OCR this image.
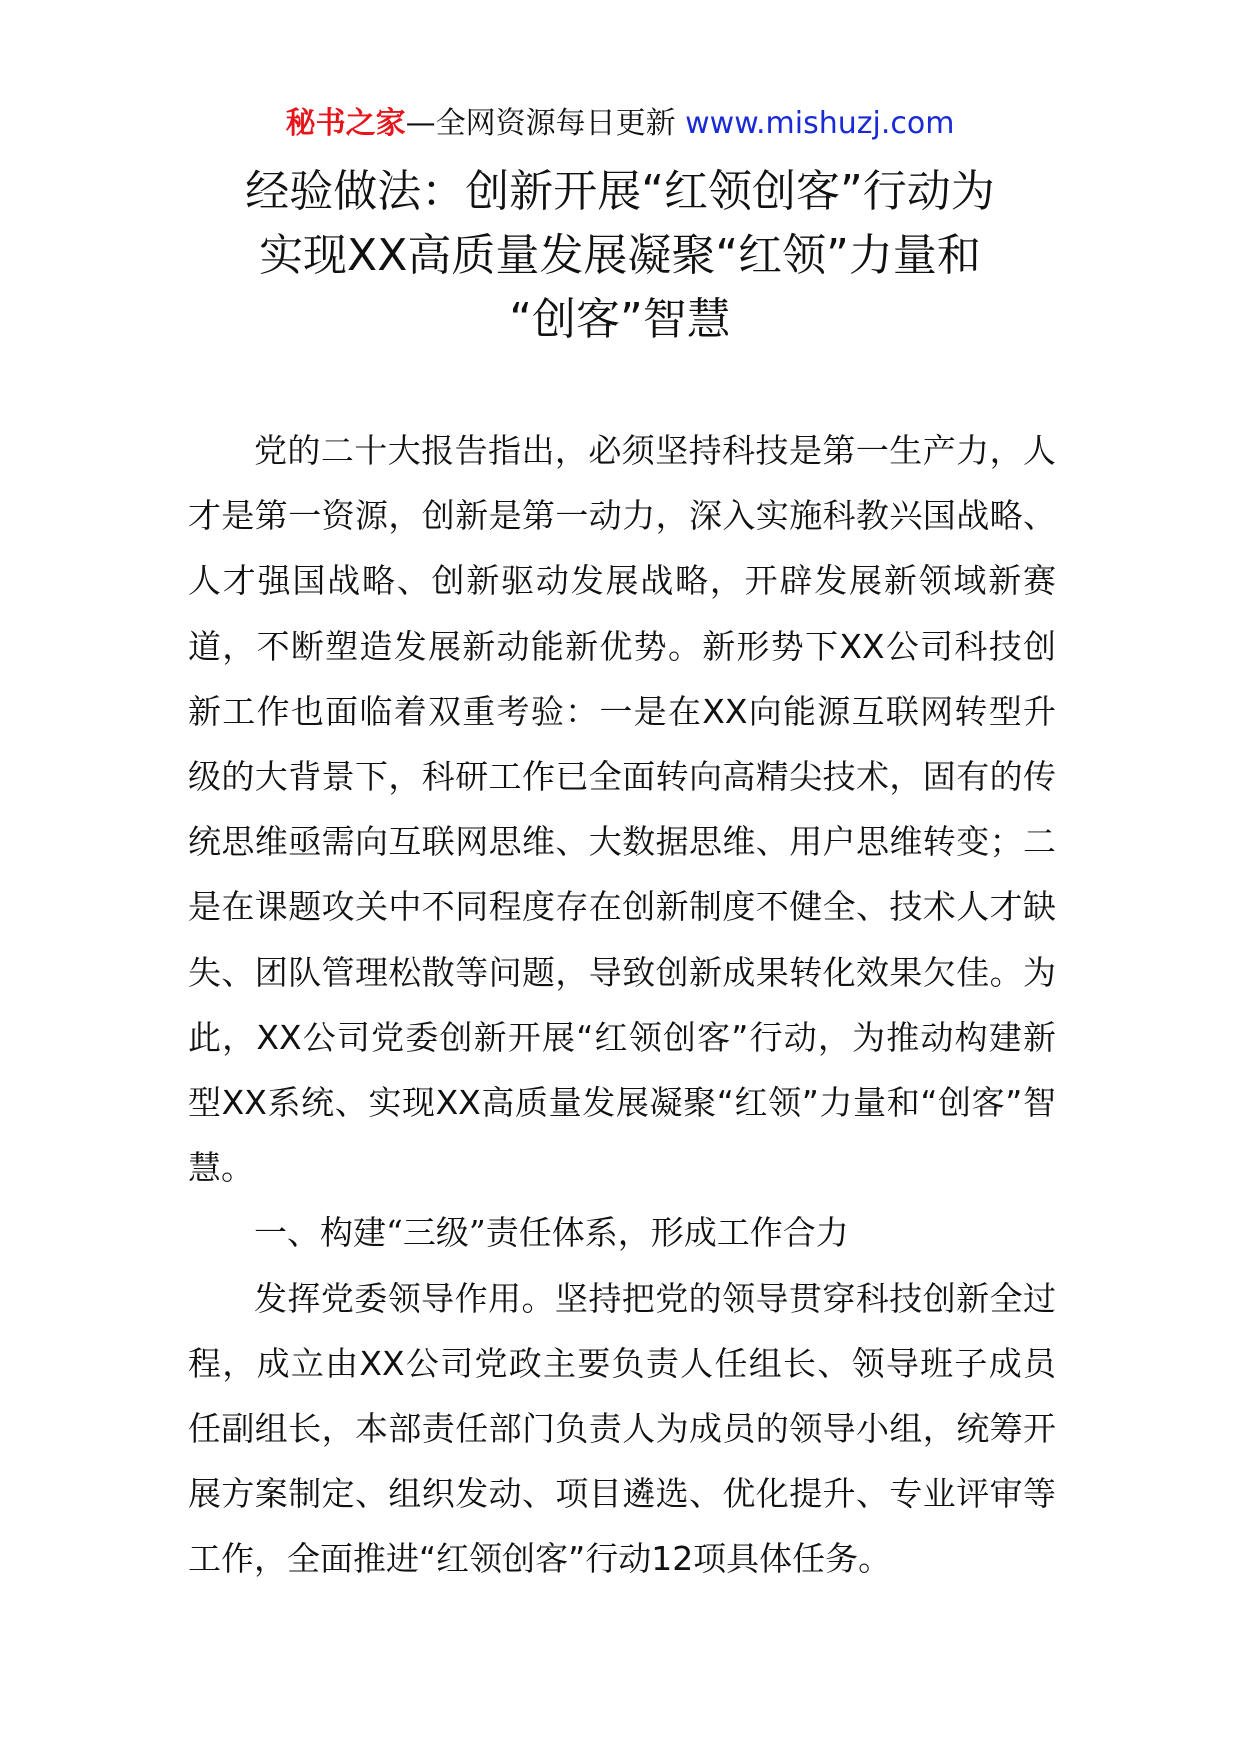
秘书之家—全网资源每日更新 www.mishuzj.com
经验做法：创新开展“红领创客”行动为
实现XX高质量发展凝聚“红领”力量和
“创客”智慧

党的二十大报告指出，必须坚持科技是第一生产力，人才是第一资源，创新是第一动力，深入实施科教兴国战略、人才强国战略、创新驱动发展战略，开辟发展新领域新赛道，不断塑造发展新动能新优势。新形势下XX公司科技创新工作也面临着双重考验：一是在XX向能源互联网转型升级的大背景下，科研工作已全面转向高精尖技术，固有的传统思维亟需向互联网思维、大数据思维、用户思维转变；二是在课题攻关中不同程度存在创新制度不健全、技术人才缺失、团队管理松散等问题，导致创新成果转化效果欠佳。为此，XX公司党委创新开展“红领创客”行动，为推动构建新型XX系统、实现XX高质量发展凝聚“红领”力量和“创客”智慧。

一、构建“三级”责任体系，形成工作合力

发挥党委领导作用。坚持把党的领导贯穿科技创新全过程，成立由XX公司党政主要负责人任组长、领导班子成员任副组长，本部责任部门负责人为成员的领导小组，统筹开展方案制定、组织发动、项目遴选、优化提升、专业评审等工作，全面推进“红领创客”行动12项具体任务。
